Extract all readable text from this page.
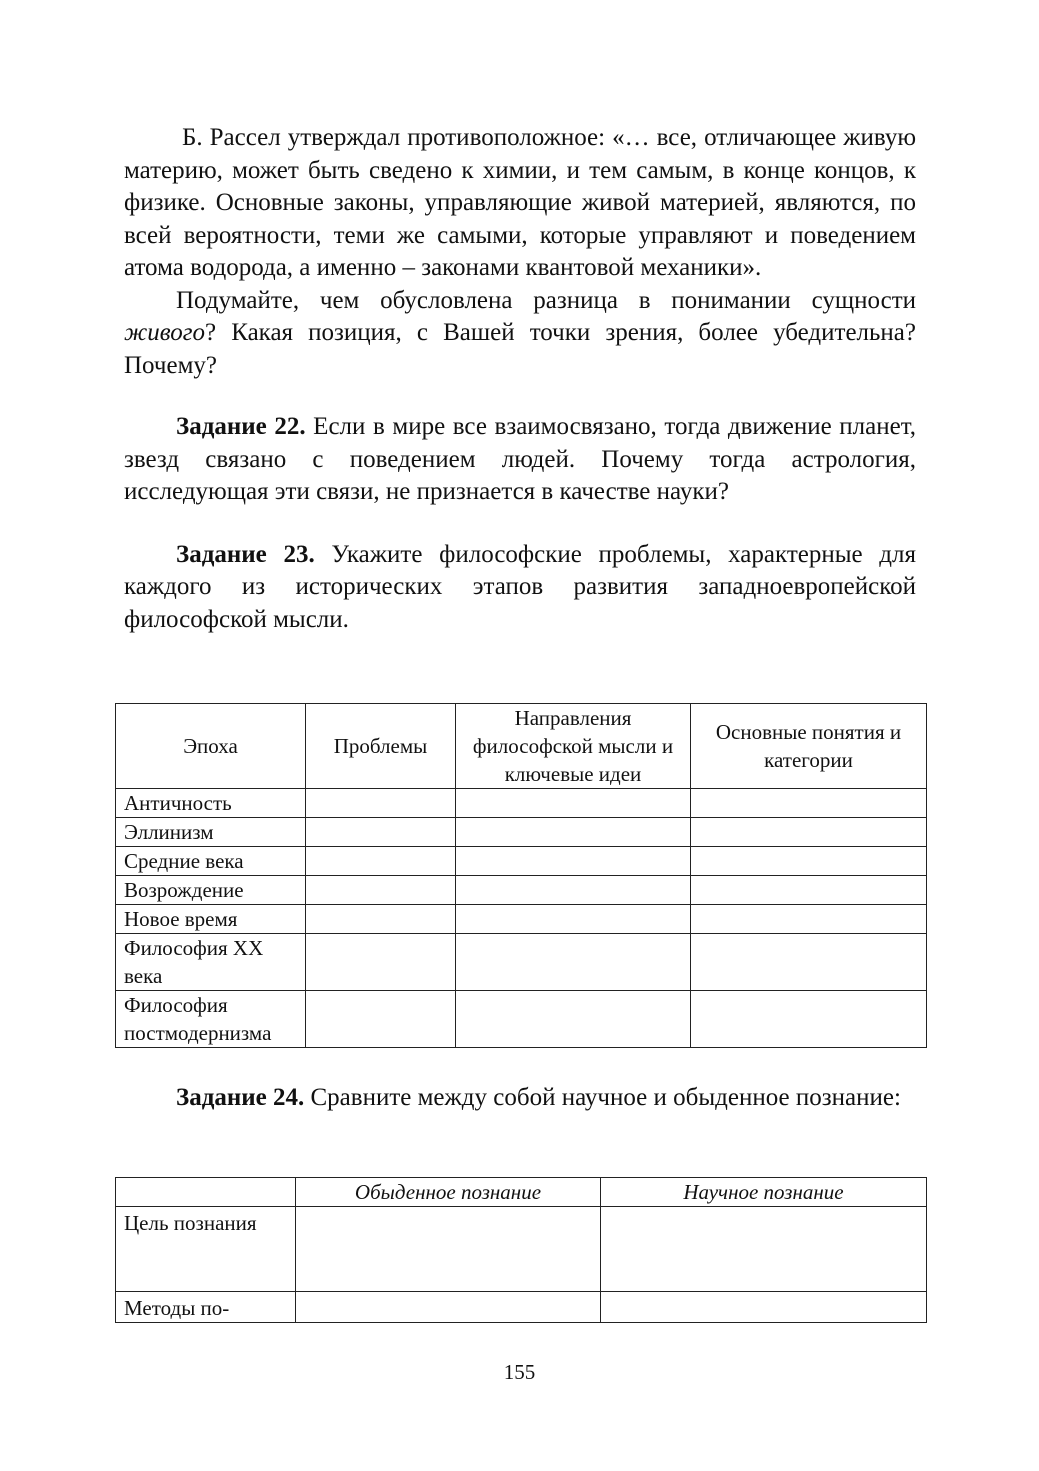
Б. Рассел утверждал противоположное: «… все, отличающее живую материю, может быть сведено к химии, и тем самым, в конце концов, к физике. Основные законы, управляющие живой материей, являются, по всей вероятности, теми же самыми, которые управляют и поведением атома водорода, а именно – законами квантовой механики».

Подумайте, чем обусловлена разница в понимании сущности живого? Какая позиция, с Вашей точки зрения, более убедительна? Почему?

Задание 22. Если в мире все взаимосвязано, тогда движение планет, звезд связано с поведением людей. Почему тогда астрология, исследующая эти связи, не признается в качестве науки?

Задание 23. Укажите философские проблемы, характерные для каждого из исторических этапов развития западноевропейской философской мысли.

Эпоха	Проблемы	Направления философской мысли и ключевые идеи	Основные понятия и категории
Античность			
Эллинизм			
Средние века			
Возрождение			
Новое время			
Философия XX века			
Философия постмодернизма			

Задание 24. Сравните между собой научное и обыденное познание:

	Обыденное познание	Научное познание
Цель познания		
Методы по-		
155
